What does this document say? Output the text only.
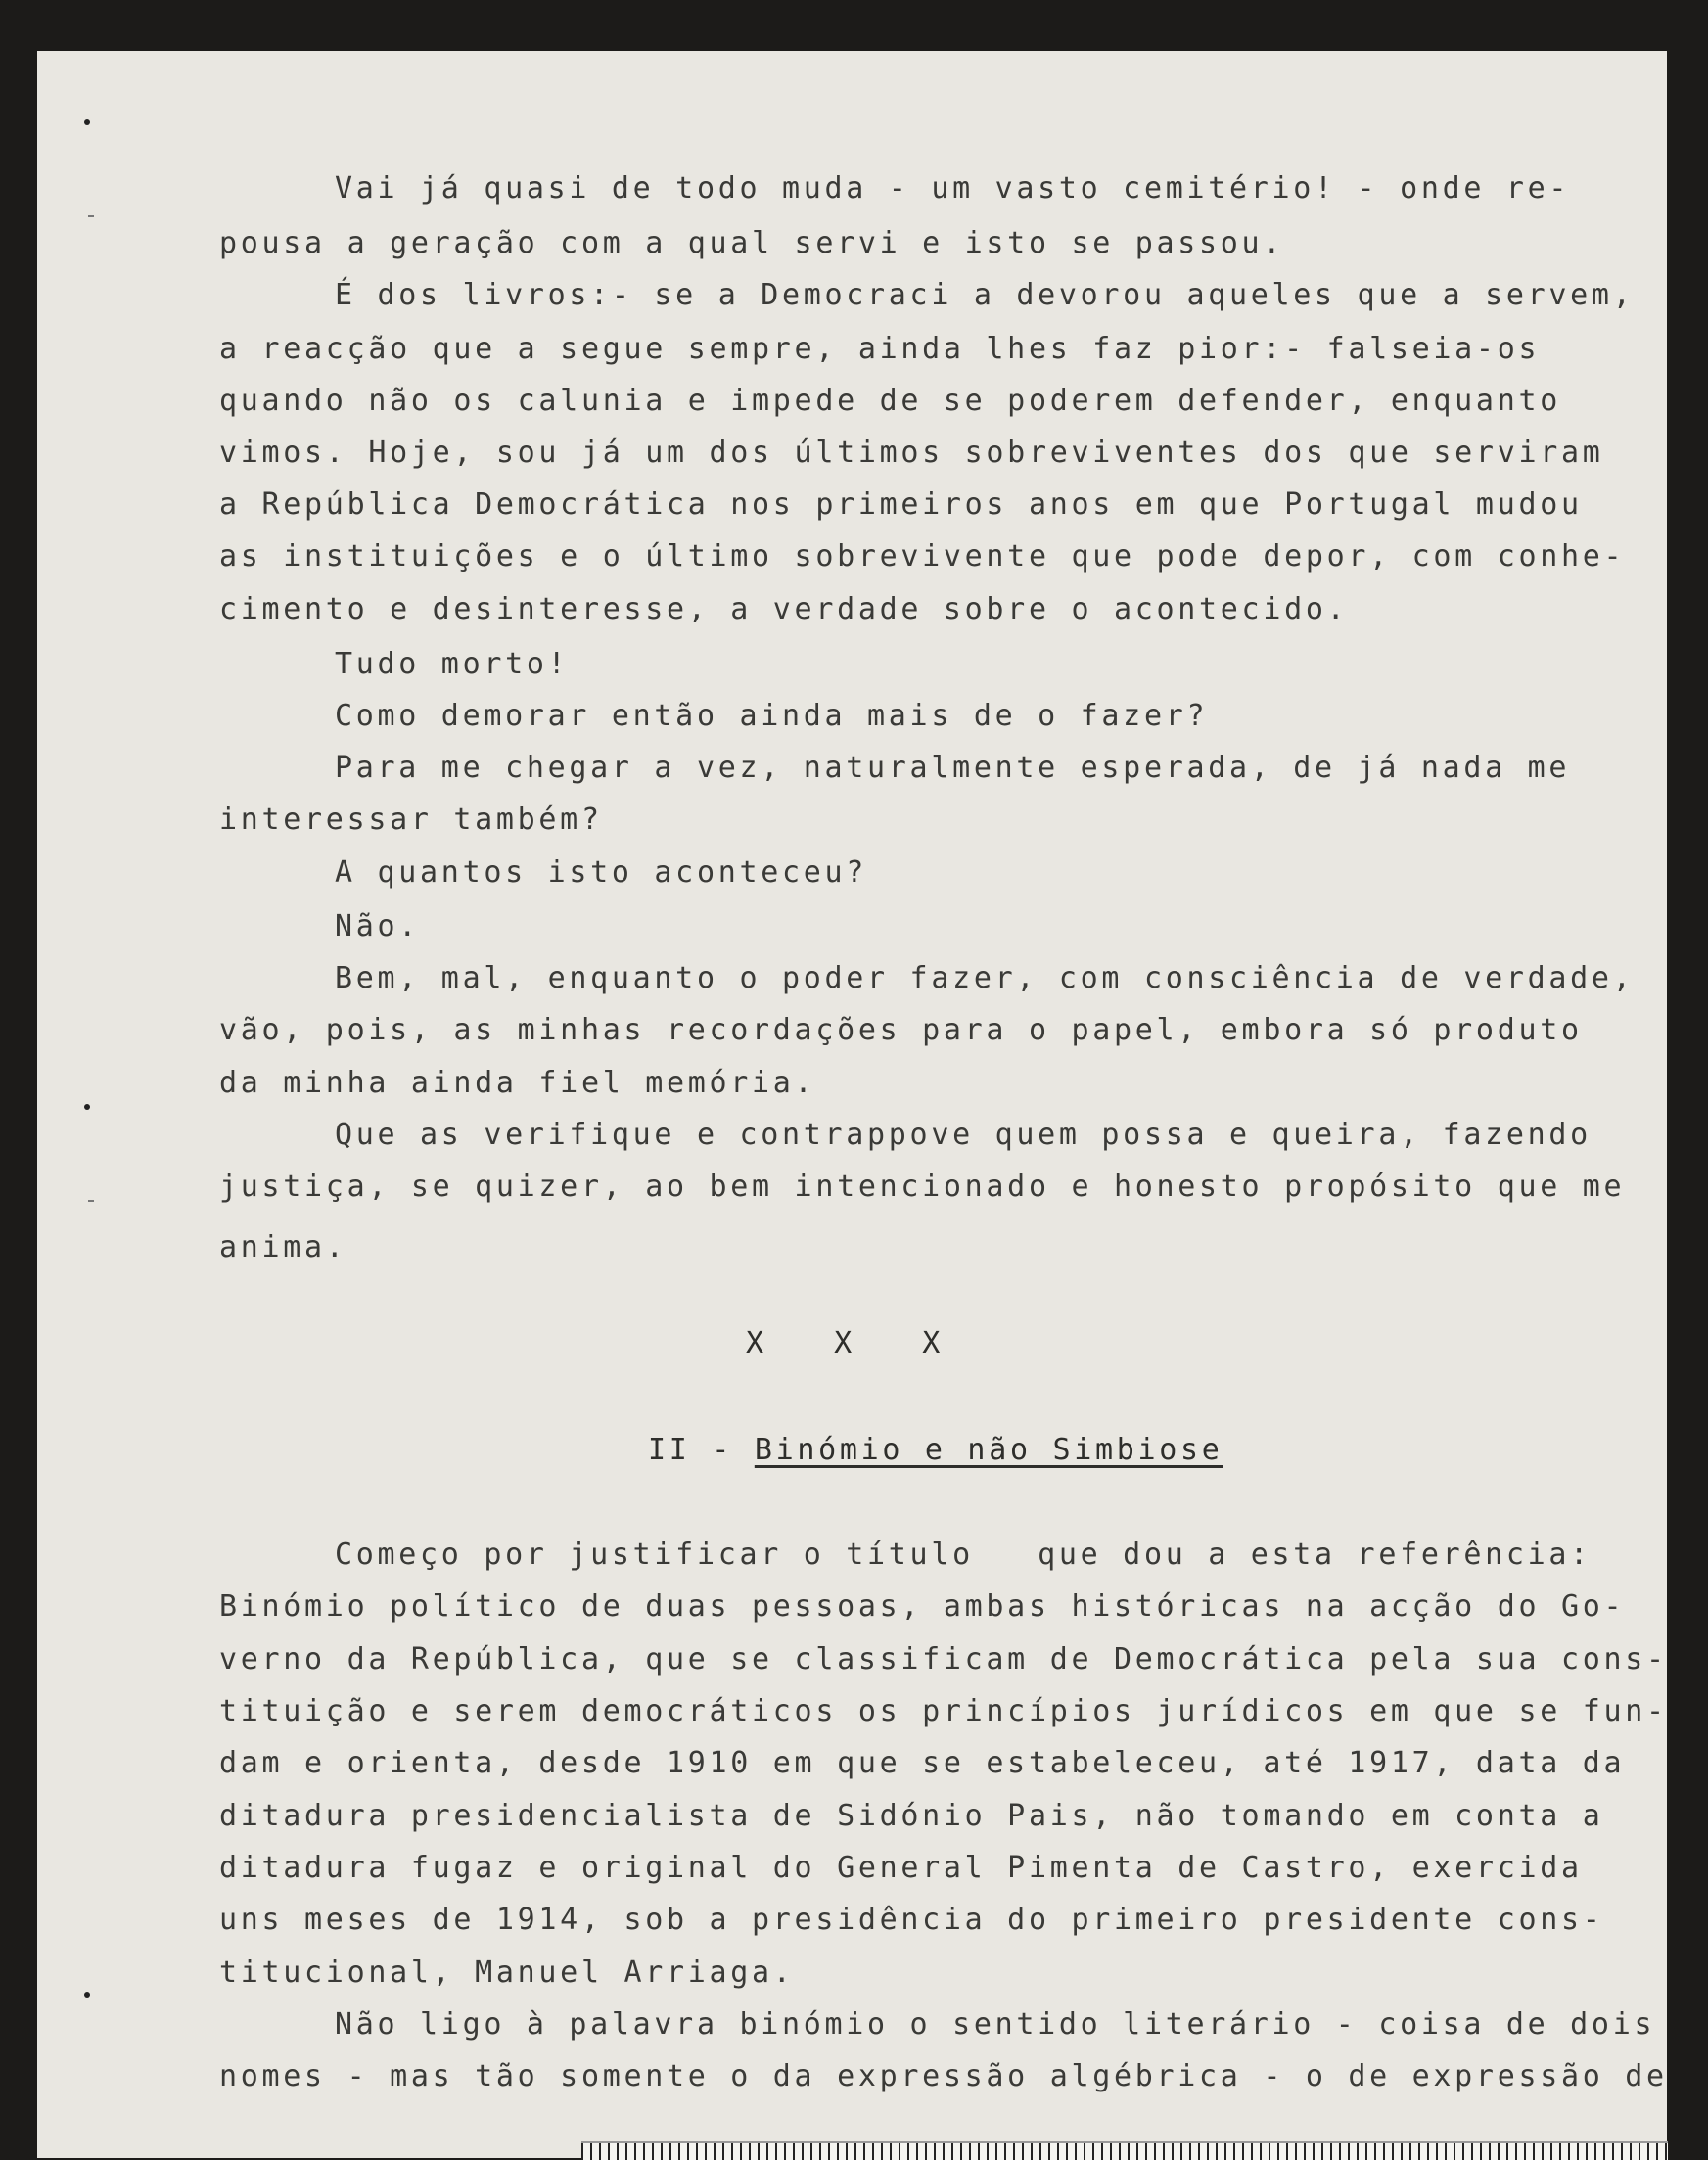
Vai já quasi de todo muda - um vasto cemitério! - onde re-

pousa a geração com a qual servi e isto se passou.

É dos livros:- se a Democraci a devorou aqueles que a servem,

a reacção que a segue sempre, ainda lhes faz pior:- falseia-os

quando não os calunia e impede de se poderem defender, enquanto

vimos. Hoje, sou já um dos últimos sobreviventes dos que serviram

a República Democrática nos primeiros anos em que Portugal mudou

as instituições e o último sobrevivente que pode depor, com conhe-

cimento e desinteresse, a verdade sobre o acontecido.

Tudo morto!

Como demorar então ainda mais de o fazer?

Para me chegar a vez, naturalmente esperada, de já nada me

interessar também?

A quantos isto aconteceu?

Não.

Bem, mal, enquanto o poder fazer, com consciência de verdade,

vão, pois, as minhas recordações para o papel, embora só produto

da minha ainda fiel memória.

Que as verifique e contrappove quem possa e queira, fazendo

justiça, se quizer, ao bem intencionado e honesto propósito que me

anima.

X X X

II - Binómio e não Simbiose

Começo por justificar o título   que dou a esta referência:

Binómio político de duas pessoas, ambas históricas na acção do Go-

verno da República, que se classificam de Democrática pela sua cons-

tituição e serem democráticos os princípios jurídicos em que se fun-

dam e orienta, desde 1910 em que se estabeleceu, até 1917, data da

ditadura presidencialista de Sidónio Pais, não tomando em conta a

ditadura fugaz e original do General Pimenta de Castro, exercida

uns meses de 1914, sob a presidência do primeiro presidente cons-

titucional, Manuel Arriaga.

Não ligo à palavra binómio o sentido literário - coisa de dois

nomes - mas tão somente o da expressão algébrica - o de expressão de
